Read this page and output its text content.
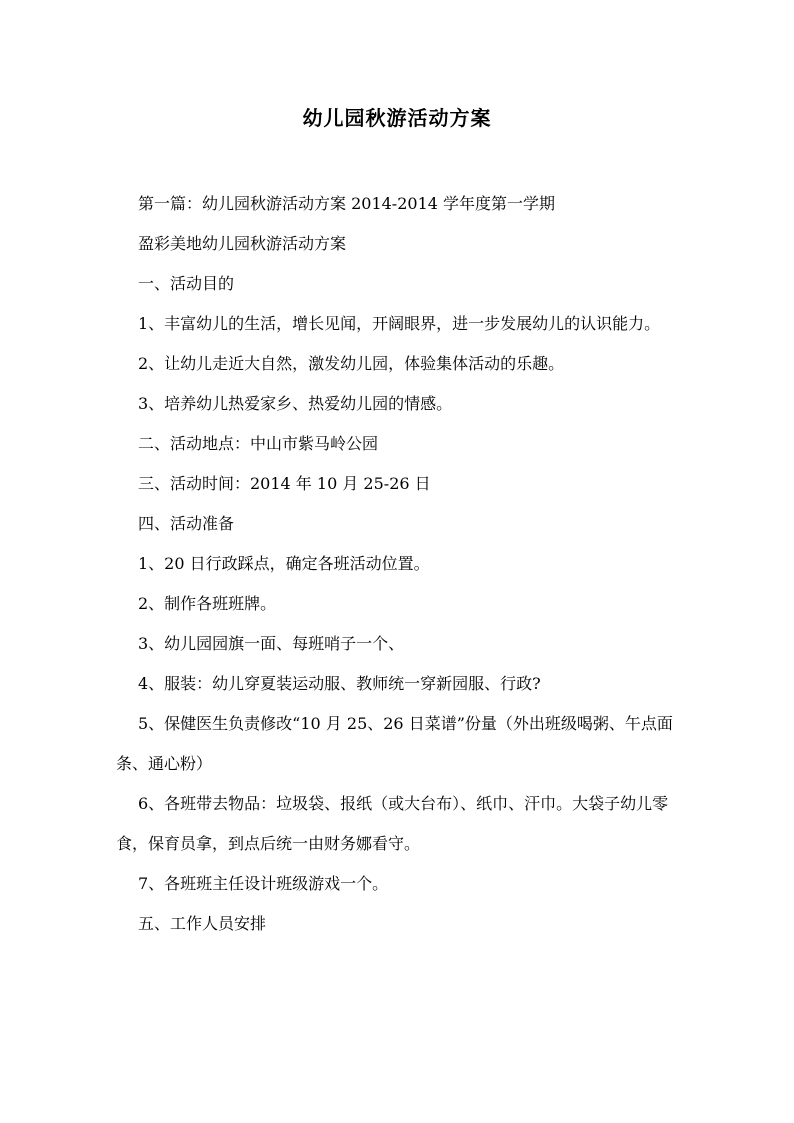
幼儿园秋游活动方案

第一篇：幼儿园秋游活动方案 2014-2014 学年度第一学期

盈彩美地幼儿园秋游活动方案

一、活动目的

1、丰富幼儿的生活，增长见闻，开阔眼界，进一步发展幼儿的认识能力。

2、让幼儿走近大自然，激发幼儿园，体验集体活动的乐趣。

3、培养幼儿热爱家乡、热爱幼儿园的情感。

二、活动地点：中山市紫马岭公园

三、活动时间：2014 年 10 月 25-26 日

四、活动准备

1、20 日行政踩点，确定各班活动位置。

2、制作各班班牌。

3、幼儿园园旗一面、每班哨子一个、

4、服装：幼儿穿夏装运动服、教师统一穿新园服、行政?

5、保健医生负责修改“10 月 25、26 日菜谱”份量（外出班级喝粥、午点面条、通心粉）

6、各班带去物品：垃圾袋、报纸（或大台布）、纸巾、汗巾。大袋子幼儿零食，保育员拿，到点后统一由财务娜看守。

7、各班班主任设计班级游戏一个。

五、工作人员安排
